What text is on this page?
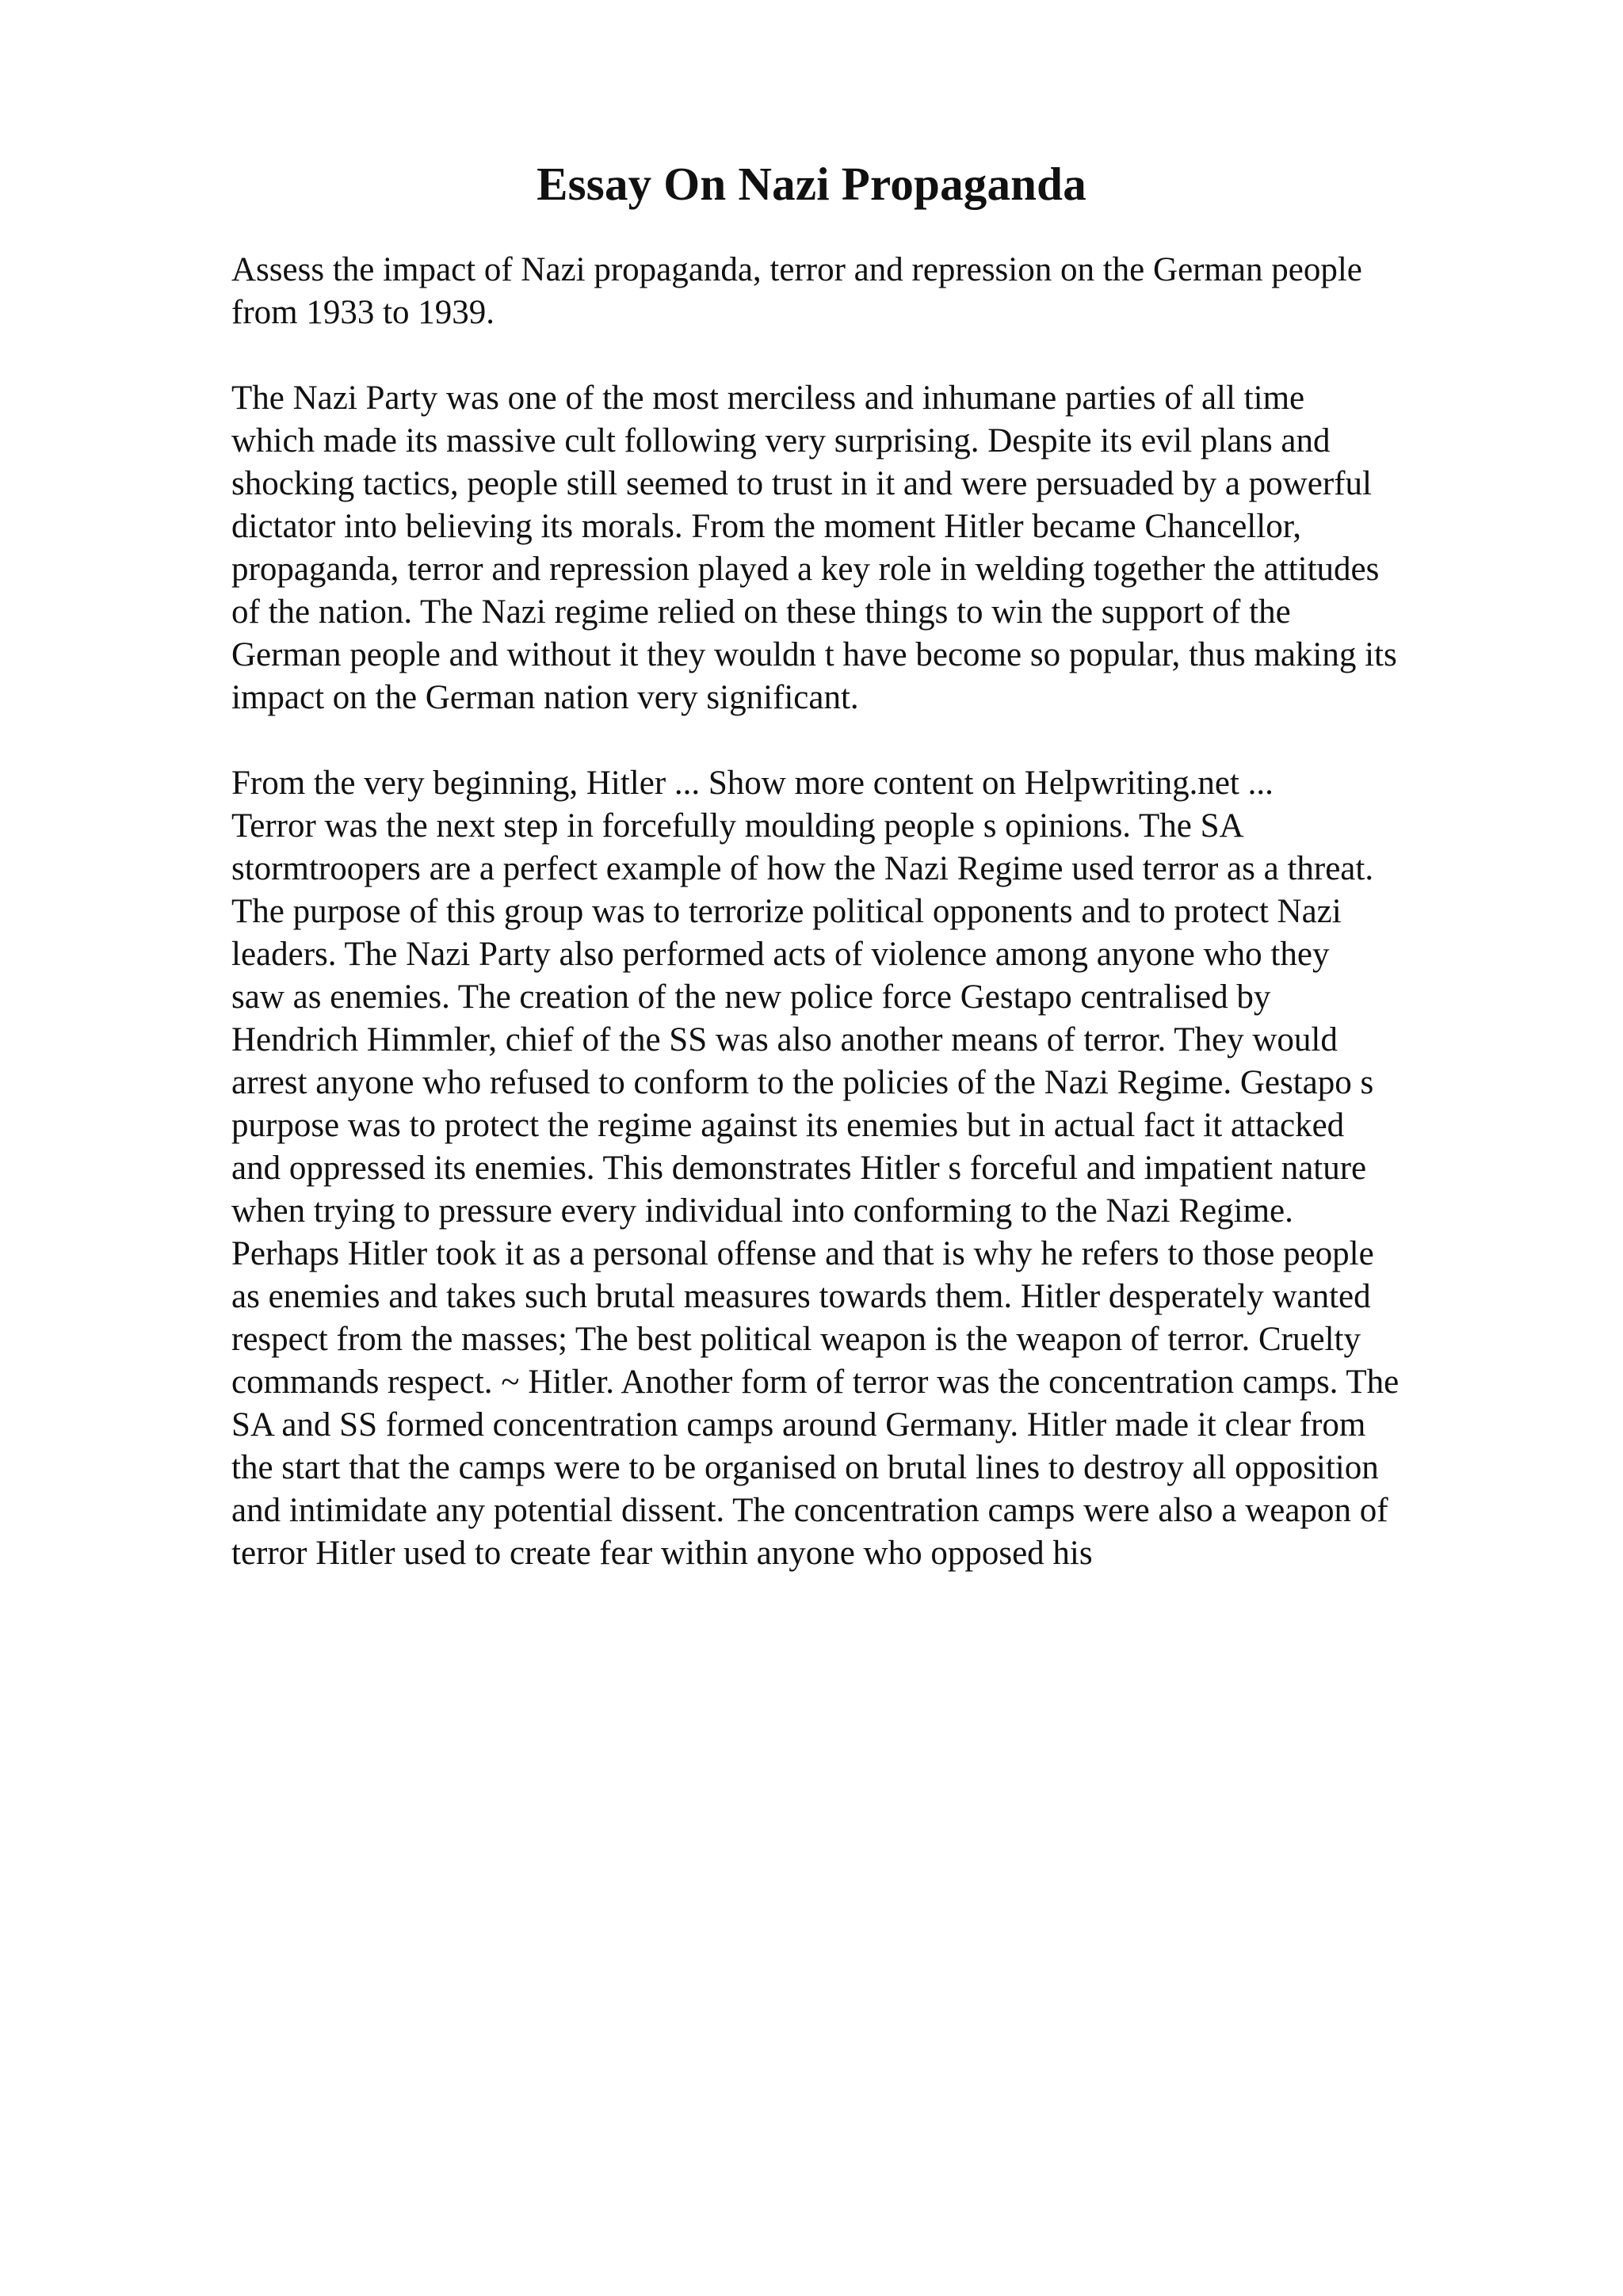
Essay On Nazi Propaganda

Assess the impact of Nazi propaganda, terror and repression on the German people

from 1933 to 1939.

The Nazi Party was one of the most merciless and inhumane parties of all time

which made its massive cult following very surprising. Despite its evil plans and

shocking tactics, people still seemed to trust in it and were persuaded by a powerful

dictator into believing its morals. From the moment Hitler became Chancellor,

propaganda, terror and repression played a key role in welding together the attitudes

of the nation. The Nazi regime relied on these things to win the support of the

German people and without it they wouldn t have become so popular, thus making its

impact on the German nation very significant.

From the very beginning, Hitler ... Show more content on Helpwriting.net ...

Terror was the next step in forcefully moulding people s opinions. The SA

stormtroopers are a perfect example of how the Nazi Regime used terror as a threat.

The purpose of this group was to terrorize political opponents and to protect Nazi

leaders. The Nazi Party also performed acts of violence among anyone who they

saw as enemies. The creation of the new police force Gestapo centralised by

Hendrich Himmler, chief of the SS was also another means of terror. They would

arrest anyone who refused to conform to the policies of the Nazi Regime. Gestapo s

purpose was to protect the regime against its enemies but in actual fact it attacked

and oppressed its enemies. This demonstrates Hitler s forceful and impatient nature

when trying to pressure every individual into conforming to the Nazi Regime.

Perhaps Hitler took it as a personal offense and that is why he refers to those people

as enemies and takes such brutal measures towards them. Hitler desperately wanted

respect from the masses; The best political weapon is the weapon of terror. Cruelty

commands respect. ~ Hitler. Another form of terror was the concentration camps. The

SA and SS formed concentration camps around Germany. Hitler made it clear from

the start that the camps were to be organised on brutal lines to destroy all opposition

and intimidate any potential dissent. The concentration camps were also a weapon of

terror Hitler used to create fear within anyone who opposed his
